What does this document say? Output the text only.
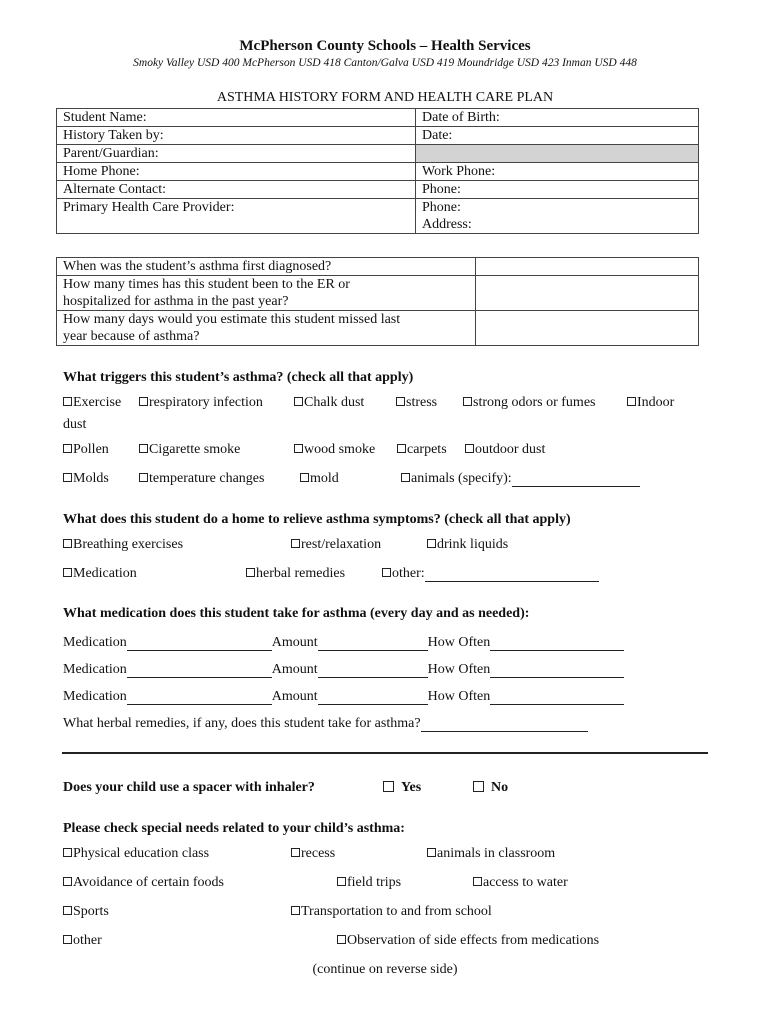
McPherson County Schools – Health Services
Smoky Valley USD 400 McPherson USD 418 Canton/Galva USD 419 Moundridge USD 423 Inman USD 448
ASTHMA HISTORY FORM AND HEALTH CARE PLAN
Student Name:	Date of Birth:
History Taken by:	Date:
Parent/Guardian:	
Home Phone:	Work Phone:
Alternate Contact:	Phone:
Primary Health Care Provider:	Phone:
Address:
When was the student’s asthma first diagnosed?	

How many times has this student been to the ER or
hospitalized for asthma in the past year?	

How many days would you estimate this student missed last
year because of asthma?	

What triggers this student’s asthma? (check all that apply)
Exercise	respiratory infection	Chalk dust	stress	strong odors or fumes	Indoor
dust
Pollen	Cigarette smoke	wood smoke	carpets	outdoor dust
Molds	temperature changes	mold	animals (specify):
What does this student do a home to relieve asthma symptoms? (check all that apply)
Breathing exercises	rest/relaxation	drink liquids
Medication	herbal remedies	other:
What medication does this student take for asthma (every day and as needed):
Medication	Amount	How Often
Medication	Amount	How Often
Medication	Amount	How Often
What herbal remedies, if any, does this student take for asthma?
Does your child use a spacer with inhaler?	Yes	No
Please check special needs related to your child’s asthma:
Physical education class	recess	animals in classroom
Avoidance of certain foods	field trips	access to water
Sports	Transportation to and from school
other	Observation of side effects from medications
(continue on reverse side)
